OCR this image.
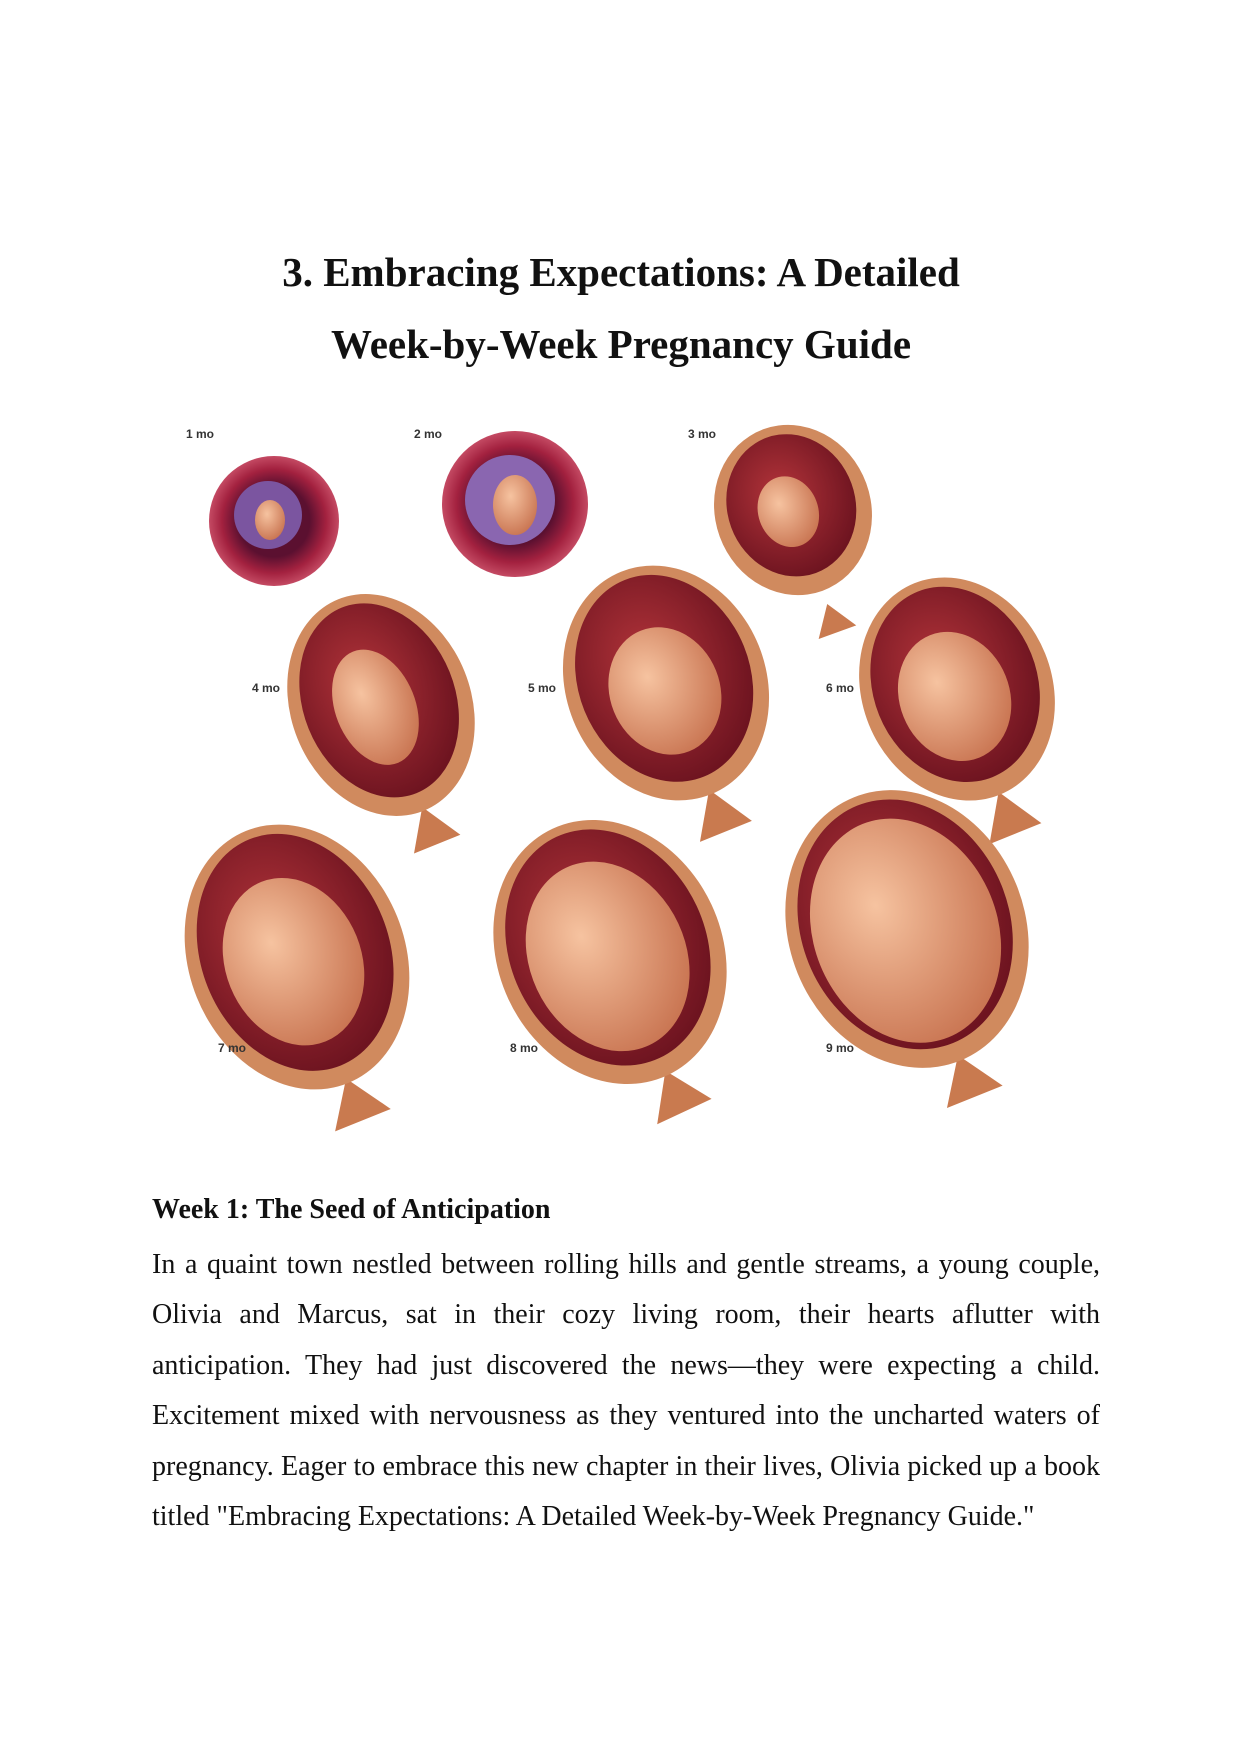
3. Embracing Expectations: A Detailed
Week-by-Week Pregnancy Guide
1 mo	2 mo	3 mo
4 mo	5 mo	6 mo
7 mo	8 mo	9 mo
Week 1: The Seed of Anticipation
In a quaint town nestled between rolling hills and gentle streams, a young couple, Olivia and Marcus, sat in their cozy living room, their hearts aflutter with anticipation. They had just discovered the news—they were expecting a child. Excitement mixed with nervousness as they ventured into the uncharted waters of pregnancy. Eager to embrace this new chapter in their lives, Olivia picked up a book titled "Embracing Expectations: A Detailed Week-by-Week Pregnancy Guide."
